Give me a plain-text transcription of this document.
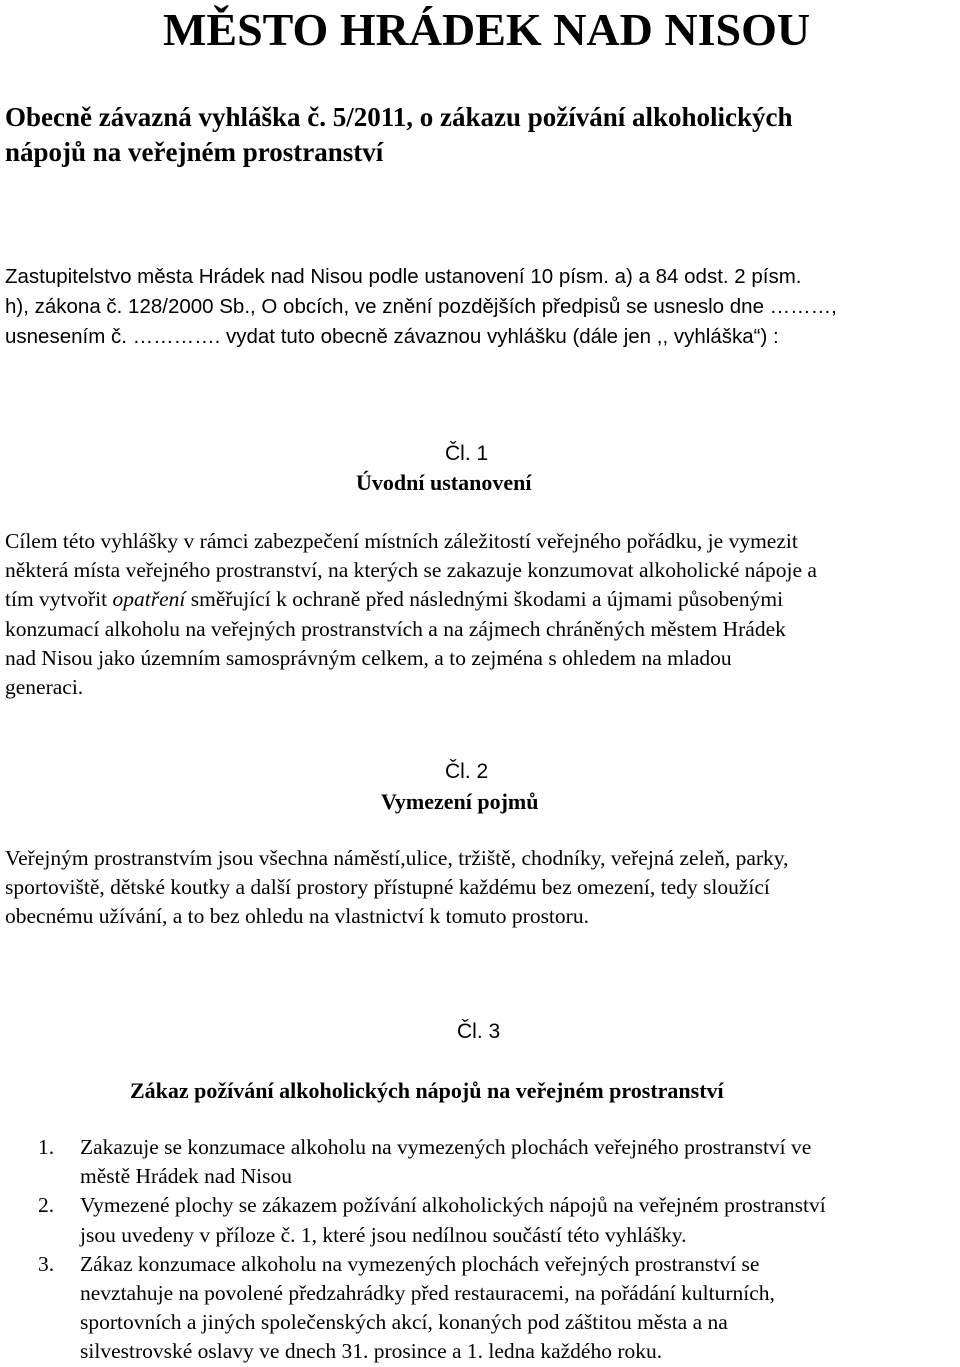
MĚSTO HRÁDEK NAD NISOU
Obecně závazná vyhláška č. 5/2011, o zákazu požívání alkoholických
nápojů na veřejném prostranství

Zastupitelstvo města Hrádek nad Nisou podle ustanovení 10 písm. a) a 84 odst. 2 písm.
h), zákona č. 128/2000 Sb., O obcích, ve znění pozdějších předpisů se usneslo dne ………,
usnesením č. …………. vydat tuto obecně závaznou vyhlášku (dále jen ,, vyhláška“) :

Čl. 1

Úvodní ustanovení

Cílem této vyhlášky v rámci zabezpečení místních záležitostí veřejného pořádku, je vymezit
některá místa veřejného prostranství, na kterých se zakazuje konzumovat alkoholické nápoje a
tím vytvořit opatření směřující k ochraně před následnými škodami a újmami působenými
konzumací alkoholu na veřejných prostranstvích a na zájmech chráněných městem Hrádek
nad Nisou jako územním samosprávným celkem, a to zejména s ohledem na mladou
generaci.

Čl. 2

Vymezení pojmů

Veřejným prostranstvím jsou všechna náměstí,ulice, tržiště, chodníky, veřejná zeleň, parky,
sportoviště, dětské koutky a další prostory přístupné každému bez omezení, tedy sloužící
obecnému užívání, a to bez ohledu na vlastnictví k tomuto prostoru.

Čl. 3

Zákaz požívání alkoholických nápojů na veřejném prostranství

1. Zakazuje se konzumace alkoholu na vymezených plochách veřejného prostranství ve
městě Hrádek nad Nisou
2. Vymezené plochy se zákazem požívání alkoholických nápojů na veřejném prostranství
jsou uvedeny v příloze č. 1, které jsou nedílnou součástí této vyhlášky.
3. Zákaz konzumace alkoholu na vymezených plochách veřejných prostranství se
nevztahuje na povolené předzahrádky před restauracemi, na pořádání kulturních,
sportovních a jiných společenských akcí, konaných pod záštitou města a na
silvestrovské oslavy ve dnech 31. prosince a 1. ledna každého roku.
